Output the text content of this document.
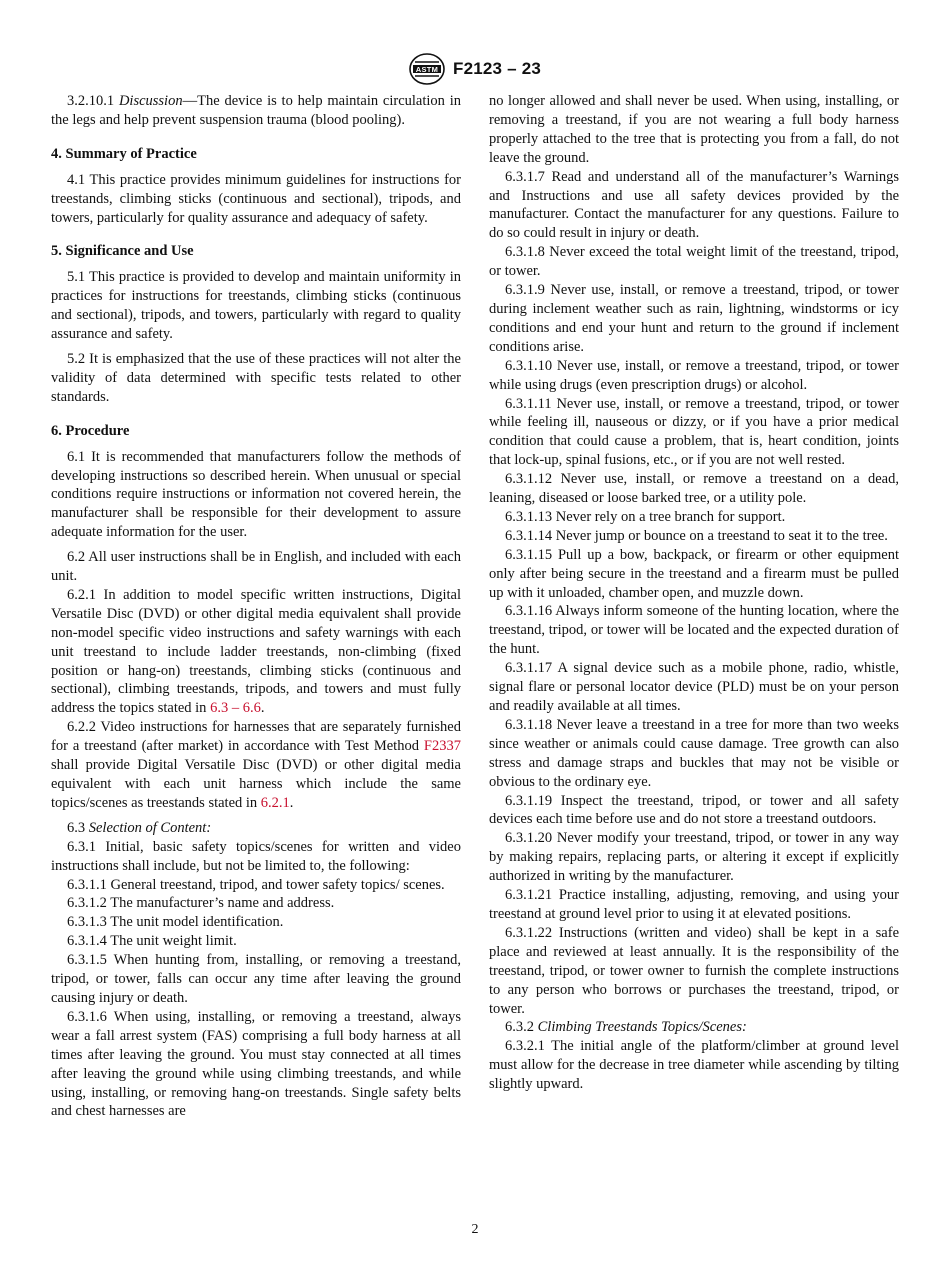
ASTM F2123 – 23

3.2.10.1 Discussion—The device is to help maintain circulation in the legs and help prevent suspension trauma (blood pooling).

4. Summary of Practice

4.1 This practice provides minimum guidelines for instructions for treestands, climbing sticks (continuous and sectional), tripods, and towers, particularly for quality assurance and adequacy of safety.

5. Significance and Use

5.1 This practice is provided to develop and maintain uniformity in practices for instructions for treestands, climbing sticks (continuous and sectional), tripods, and towers, particularly with regard to quality assurance and safety.

5.2 It is emphasized that the use of these practices will not alter the validity of data determined with specific tests related to other standards.

6. Procedure

6.1 It is recommended that manufacturers follow the methods of developing instructions so described herein. When unusual or special conditions require instructions or information not covered herein, the manufacturer shall be responsible for their development to assure adequate information for the user.

6.2 All user instructions shall be in English, and included with each unit.

6.2.1 In addition to model specific written instructions, Digital Versatile Disc (DVD) or other digital media equivalent shall provide non-model specific video instructions and safety warnings with each unit treestand to include ladder treestands, non-climbing (fixed position or hang-on) treestands, climbing sticks (continuous and sectional), climbing treestands, tripods, and towers and must fully address the topics stated in 6.3 – 6.6.

6.2.2 Video instructions for harnesses that are separately furnished for a treestand (after market) in accordance with Test Method F2337 shall provide Digital Versatile Disc (DVD) or other digital media equivalent with each unit harness which include the same topics/scenes as treestands stated in 6.2.1.

6.3 Selection of Content:

6.3.1 Initial, basic safety topics/scenes for written and video instructions shall include, but not be limited to, the following:

6.3.1.1 General treestand, tripod, and tower safety topics/ scenes.

6.3.1.2 The manufacturer’s name and address.

6.3.1.3 The unit model identification.

6.3.1.4 The unit weight limit.

6.3.1.5 When hunting from, installing, or removing a treestand, tripod, or tower, falls can occur any time after leaving the ground causing injury or death.

6.3.1.6 When using, installing, or removing a treestand, always wear a fall arrest system (FAS) comprising a full body harness at all times after leaving the ground. You must stay connected at all times after leaving the ground while using climbing treestands, and while using, installing, or removing hang-on treestands. Single safety belts and chest harnesses are

no longer allowed and shall never be used. When using, installing, or removing a treestand, if you are not wearing a full body harness properly attached to the tree that is protecting you from a fall, do not leave the ground.

6.3.1.7 Read and understand all of the manufacturer’s Warnings and Instructions and use all safety devices provided by the manufacturer. Contact the manufacturer for any questions. Failure to do so could result in injury or death.

6.3.1.8 Never exceed the total weight limit of the treestand, tripod, or tower.

6.3.1.9 Never use, install, or remove a treestand, tripod, or tower during inclement weather such as rain, lightning, windstorms or icy conditions and end your hunt and return to the ground if inclement conditions arise.

6.3.1.10 Never use, install, or remove a treestand, tripod, or tower while using drugs (even prescription drugs) or alcohol.

6.3.1.11 Never use, install, or remove a treestand, tripod, or tower while feeling ill, nauseous or dizzy, or if you have a prior medical condition that could cause a problem, that is, heart condition, joints that lock-up, spinal fusions, etc., or if you are not well rested.

6.3.1.12 Never use, install, or remove a treestand on a dead, leaning, diseased or loose barked tree, or a utility pole.

6.3.1.13 Never rely on a tree branch for support.

6.3.1.14 Never jump or bounce on a treestand to seat it to the tree.

6.3.1.15 Pull up a bow, backpack, or firearm or other equipment only after being secure in the treestand and a firearm must be pulled up with it unloaded, chamber open, and muzzle down.

6.3.1.16 Always inform someone of the hunting location, where the treestand, tripod, or tower will be located and the expected duration of the hunt.

6.3.1.17 A signal device such as a mobile phone, radio, whistle, signal flare or personal locator device (PLD) must be on your person and readily available at all times.

6.3.1.18 Never leave a treestand in a tree for more than two weeks since weather or animals could cause damage. Tree growth can also stress and damage straps and buckles that may not be visible or obvious to the ordinary eye.

6.3.1.19 Inspect the treestand, tripod, or tower and all safety devices each time before use and do not store a treestand outdoors.

6.3.1.20 Never modify your treestand, tripod, or tower in any way by making repairs, replacing parts, or altering it except if explicitly authorized in writing by the manufacturer.

6.3.1.21 Practice installing, adjusting, removing, and using your treestand at ground level prior to using it at elevated positions.

6.3.1.22 Instructions (written and video) shall be kept in a safe place and reviewed at least annually. It is the responsibility of the treestand, tripod, or tower owner to furnish the complete instructions to any person who borrows or purchases the treestand, tripod, or tower.

6.3.2 Climbing Treestands Topics/Scenes:

6.3.2.1 The initial angle of the platform/climber at ground level must allow for the decrease in tree diameter while ascending by tilting slightly upward.

2
